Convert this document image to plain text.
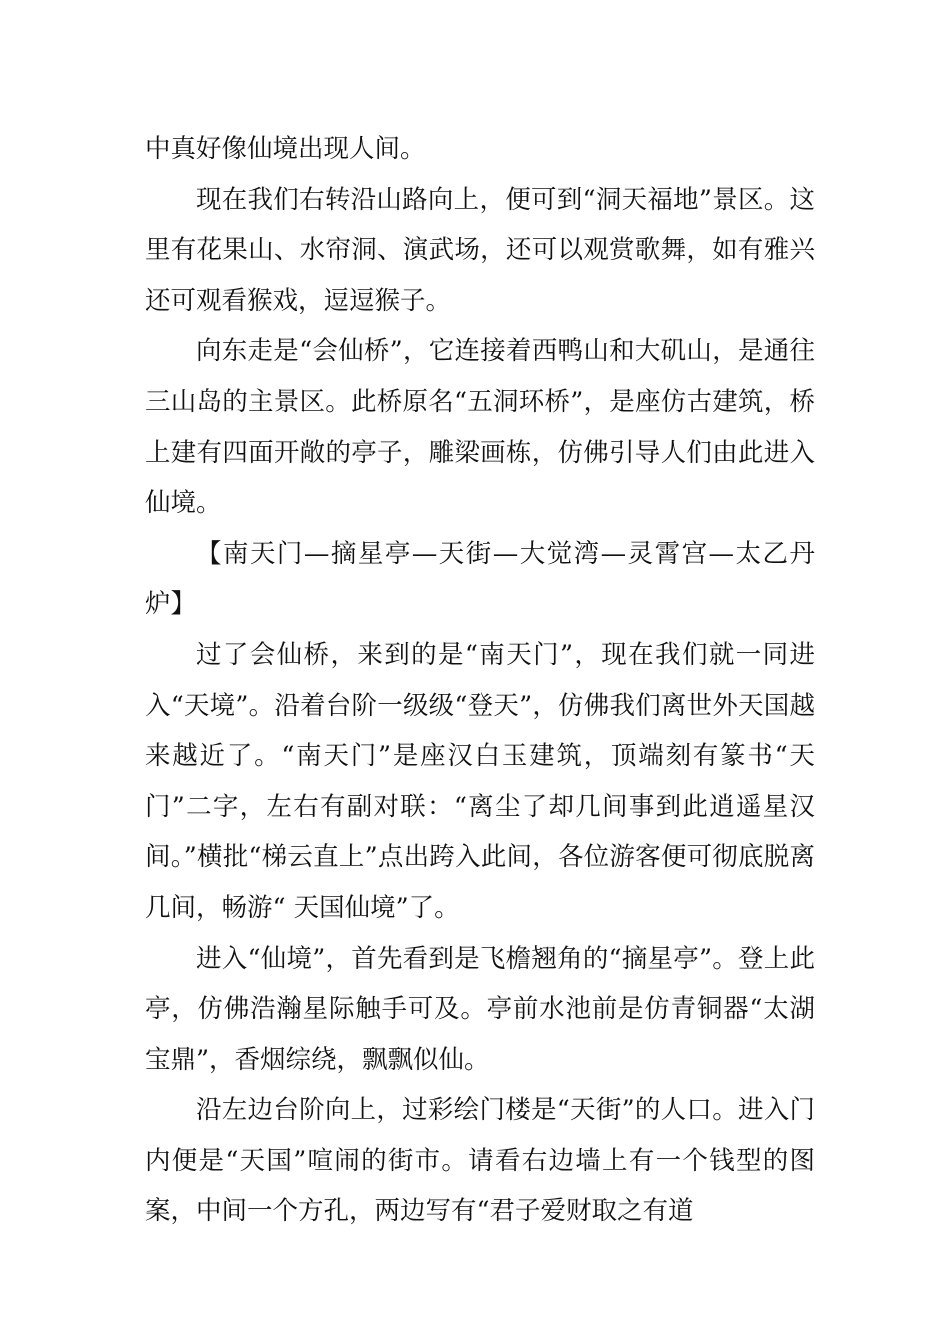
中真好像仙境出现人间。

现在我们右转沿山路向上，便可到“洞天福地”景区。这里有花果山、水帘洞、演武场，还可以观赏歌舞，如有雅兴还可观看猴戏，逗逗猴子。

向东走是“会仙桥”，它连接着西鸭山和大矶山，是通往三山岛的主景区。此桥原名“五洞环桥”，是座仿古建筑，桥上建有四面开敞的亭子，雕梁画栋，仿佛引导人们由此进入仙境。

【南天门—摘星亭—天街—大觉湾—灵霄宫—太乙丹炉】

过了会仙桥，来到的是“南天门”，现在我们就一同进入“天境”。沿着台阶一级级“登天”，仿佛我们离世外天国越来越近了。“南天门”是座汉白玉建筑，顶端刻有篆书“天门”二字，左右有副对联：“离尘了却几间事到此逍遥星汉间。”横批“梯云直上”点出跨入此间，各位游客便可彻底脱离几间，畅游“ 天国仙境”了。

进入“仙境”，首先看到是飞檐翘角的“摘星亭”。登上此亭，仿佛浩瀚星际触手可及。亭前水池前是仿青铜器“太湖宝鼎”，香烟综绕，飘飘似仙。

沿左边台阶向上，过彩绘门楼是“天街”的人口。进入门内便是“天国”喧闹的街市。请看右边墙上有一个钱型的图案，中间一个方孔，两边写有“君子爱财取之有道
